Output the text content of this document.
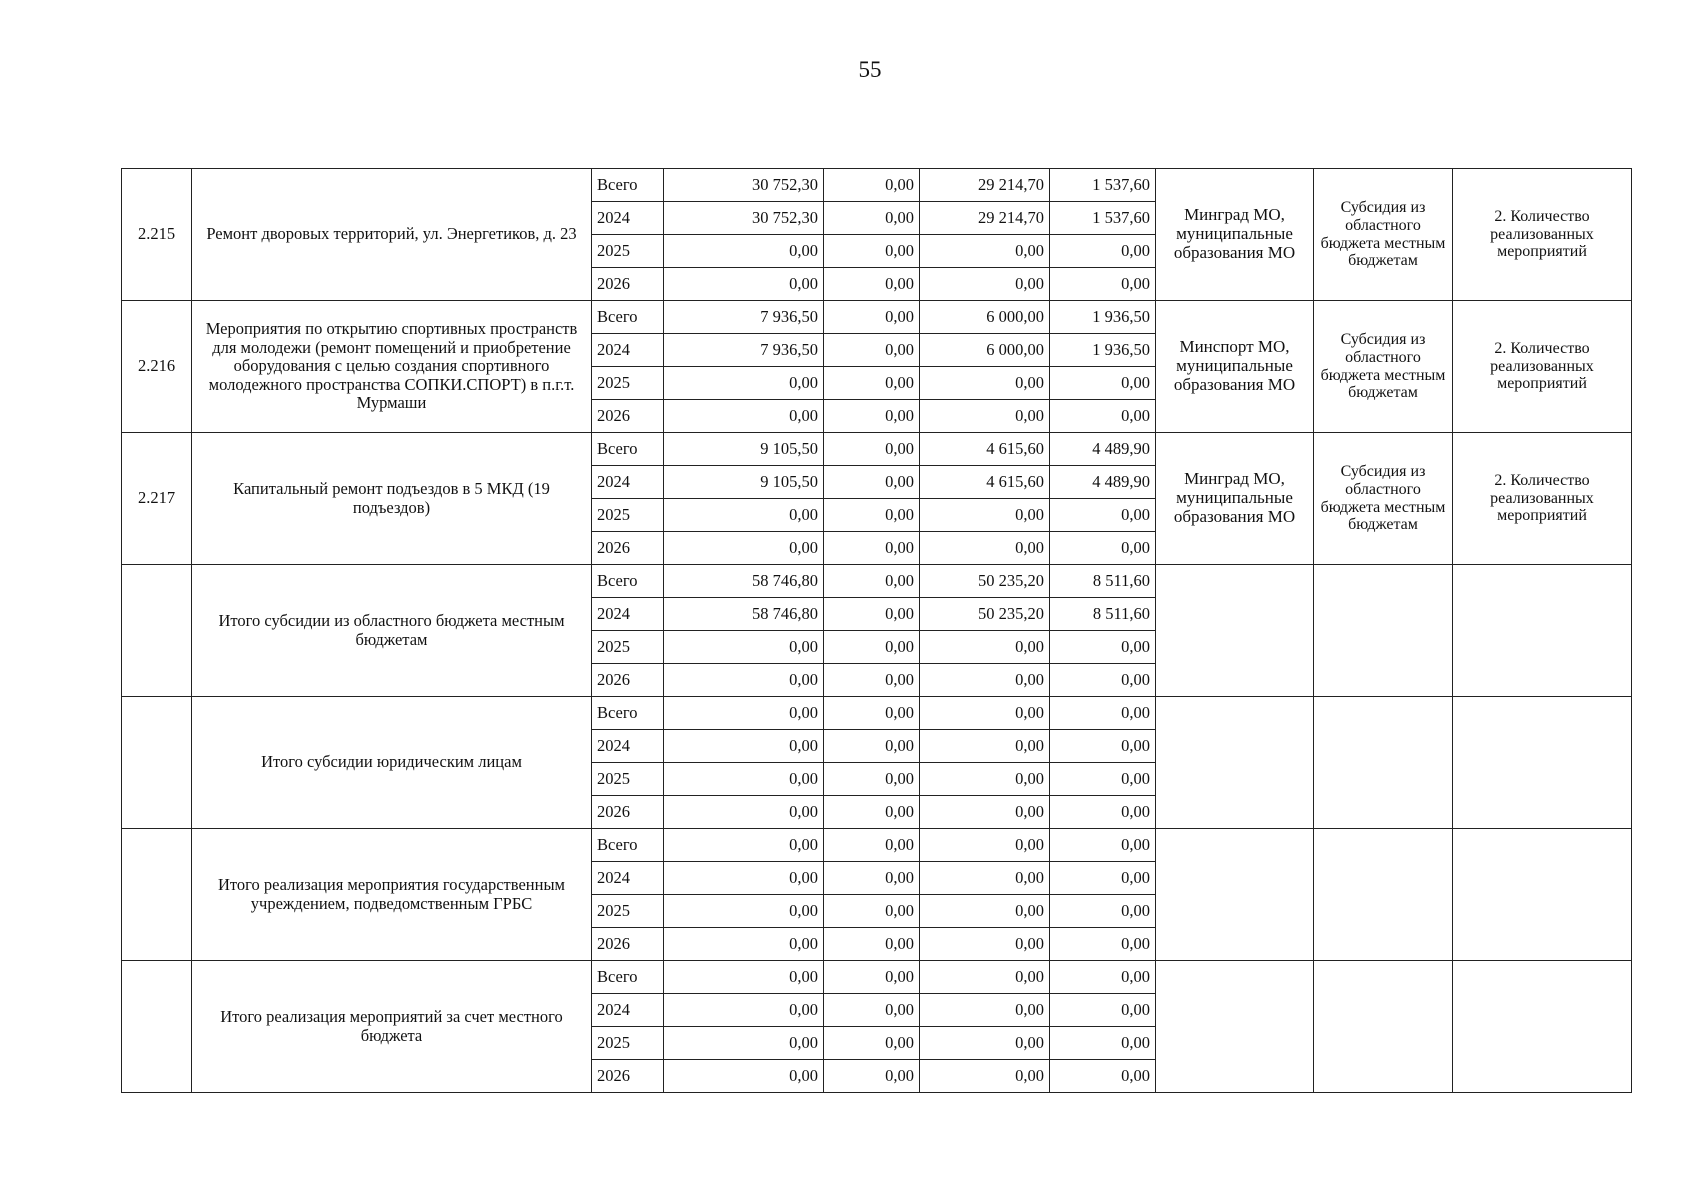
55
2.215	Ремонт дворовых территорий, ул. Энергетиков, д. 23	Всего	30 752,30	0,00	29 214,70	1 537,60	Минград МО, муниципальные образования МО	Субсидия из областного бюджета местным бюджетам	2. Количество реализованных мероприятий
		2024	30 752,30	0,00	29 214,70	1 537,60			
		2025	0,00	0,00	0,00	0,00			
		2026	0,00	0,00	0,00	0,00			
2.216	Мероприятия по открытию спортивных пространств для молодежи (ремонт помещений и приобретение оборудования с целью создания спортивного молодежного пространства СОПКИ.СПОРТ) в п.г.т. Мурмаши	Всего	7 936,50	0,00	6 000,00	1 936,50	Минспорт МО, муниципальные образования МО	Субсидия из областного бюджета местным бюджетам	2. Количество реализованных мероприятий
		2024	7 936,50	0,00	6 000,00	1 936,50			
		2025	0,00	0,00	0,00	0,00			
		2026	0,00	0,00	0,00	0,00			
2.217	Капитальный ремонт подъездов в 5 МКД (19 подъездов)	Всего	9 105,50	0,00	4 615,60	4 489,90	Минград МО, муниципальные образования МО	Субсидия из областного бюджета местным бюджетам	2. Количество реализованных мероприятий
		2024	9 105,50	0,00	4 615,60	4 489,90			
		2025	0,00	0,00	0,00	0,00			
		2026	0,00	0,00	0,00	0,00			
	Итого субсидии из областного бюджета местным бюджетам	Всего	58 746,80	0,00	50 235,20	8 511,60			
		2024	58 746,80	0,00	50 235,20	8 511,60			
		2025	0,00	0,00	0,00	0,00			
		2026	0,00	0,00	0,00	0,00			
	Итого субсидии юридическим лицам	Всего	0,00	0,00	0,00	0,00			
		2024	0,00	0,00	0,00	0,00			
		2025	0,00	0,00	0,00	0,00			
		2026	0,00	0,00	0,00	0,00			
	Итого реализация мероприятия государственным учреждением, подведомственным ГРБС	Всего	0,00	0,00	0,00	0,00			
		2024	0,00	0,00	0,00	0,00			
		2025	0,00	0,00	0,00	0,00			
		2026	0,00	0,00	0,00	0,00			
	Итого реализация мероприятий за счет местного бюджета	Всего	0,00	0,00	0,00	0,00			
		2024	0,00	0,00	0,00	0,00			
		2025	0,00	0,00	0,00	0,00			
		2026	0,00	0,00	0,00	0,00			
